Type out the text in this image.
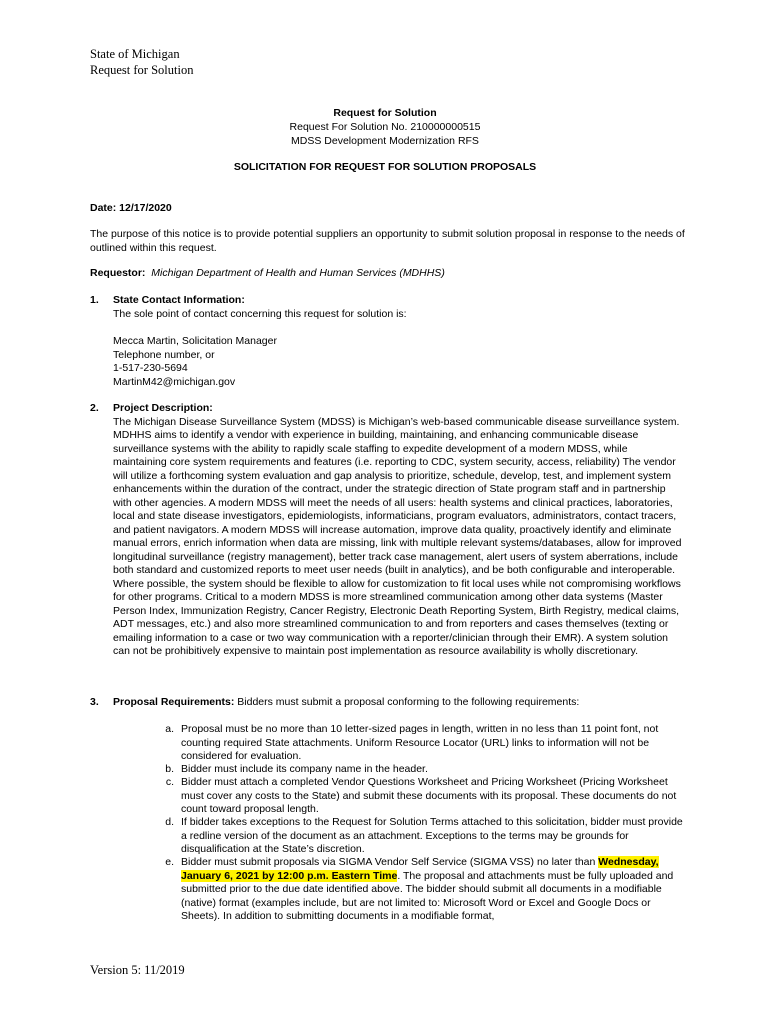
State of Michigan
Request for Solution
Request for Solution
Request For Solution No. 210000000515
MDSS Development Modernization RFS
SOLICITATION FOR REQUEST FOR SOLUTION PROPOSALS
Date: 12/17/2020
The purpose of this notice is to provide potential suppliers an opportunity to submit solution proposal in response to the needs of outlined within this request.
Requestor: Michigan Department of Health and Human Services (MDHHS)
1. State Contact Information:
The sole point of contact concerning this request for solution is:
Mecca Martin, Solicitation Manager
Telephone number, or
1-517-230-5694
MartinM42@michigan.gov
2. Project Description:
The Michigan Disease Surveillance System (MDSS) is Michigan’s web-based communicable disease surveillance system. MDHHS aims to identify a vendor with experience in building, maintaining, and enhancing communicable disease surveillance systems with the ability to rapidly scale staffing to expedite development of a modern MDSS, while maintaining core system requirements and features (i.e. reporting to CDC, system security, access, reliability) The vendor will utilize a forthcoming system evaluation and gap analysis to prioritize, schedule, develop, test, and implement system enhancements within the duration of the contract, under the strategic direction of State program staff and in partnership with other agencies. A modern MDSS will meet the needs of all users: health systems and clinical practices, laboratories, local and state disease investigators, epidemiologists, informaticians, program evaluators, administrators, contact tracers, and patient navigators. A modern MDSS will increase automation, improve data quality, proactively identify and eliminate manual errors, enrich information when data are missing, link with multiple relevant systems/databases, allow for improved longitudinal surveillance (registry management), better track case management, alert users of system aberrations, include both standard and customized reports to meet user needs (built in analytics), and be both configurable and interoperable. Where possible, the system should be flexible to allow for customization to fit local uses while not compromising workflows for other programs. Critical to a modern MDSS is more streamlined communication among other data systems (Master Person Index, Immunization Registry, Cancer Registry, Electronic Death Reporting System, Birth Registry, medical claims, ADT messages, etc.) and also more streamlined communication to and from reporters and cases themselves (texting or emailing information to a case or two way communication with a reporter/clinician through their EMR). A system solution can not be prohibitively expensive to maintain post implementation as resource availability is wholly discretionary.
3. Proposal Requirements: Bidders must submit a proposal conforming to the following requirements:
a. Proposal must be no more than 10 letter-sized pages in length, written in no less than 11 point font, not counting required State attachments. Uniform Resource Locator (URL) links to information will not be considered for evaluation.
b. Bidder must include its company name in the header.
c. Bidder must attach a completed Vendor Questions Worksheet and Pricing Worksheet (Pricing Worksheet must cover any costs to the State) and submit these documents with its proposal. These documents do not count toward proposal length.
d. If bidder takes exceptions to the Request for Solution Terms attached to this solicitation, bidder must provide a redline version of the document as an attachment. Exceptions to the terms may be grounds for disqualification at the State’s discretion.
e. Bidder must submit proposals via SIGMA Vendor Self Service (SIGMA VSS) no later than Wednesday, January 6, 2021 by 12:00 p.m. Eastern Time. The proposal and attachments must be fully uploaded and submitted prior to the due date identified above. The bidder should submit all documents in a modifiable (native) format (examples include, but are not limited to: Microsoft Word or Excel and Google Docs or Sheets). In addition to submitting documents in a modifiable format,
Version 5: 11/2019
